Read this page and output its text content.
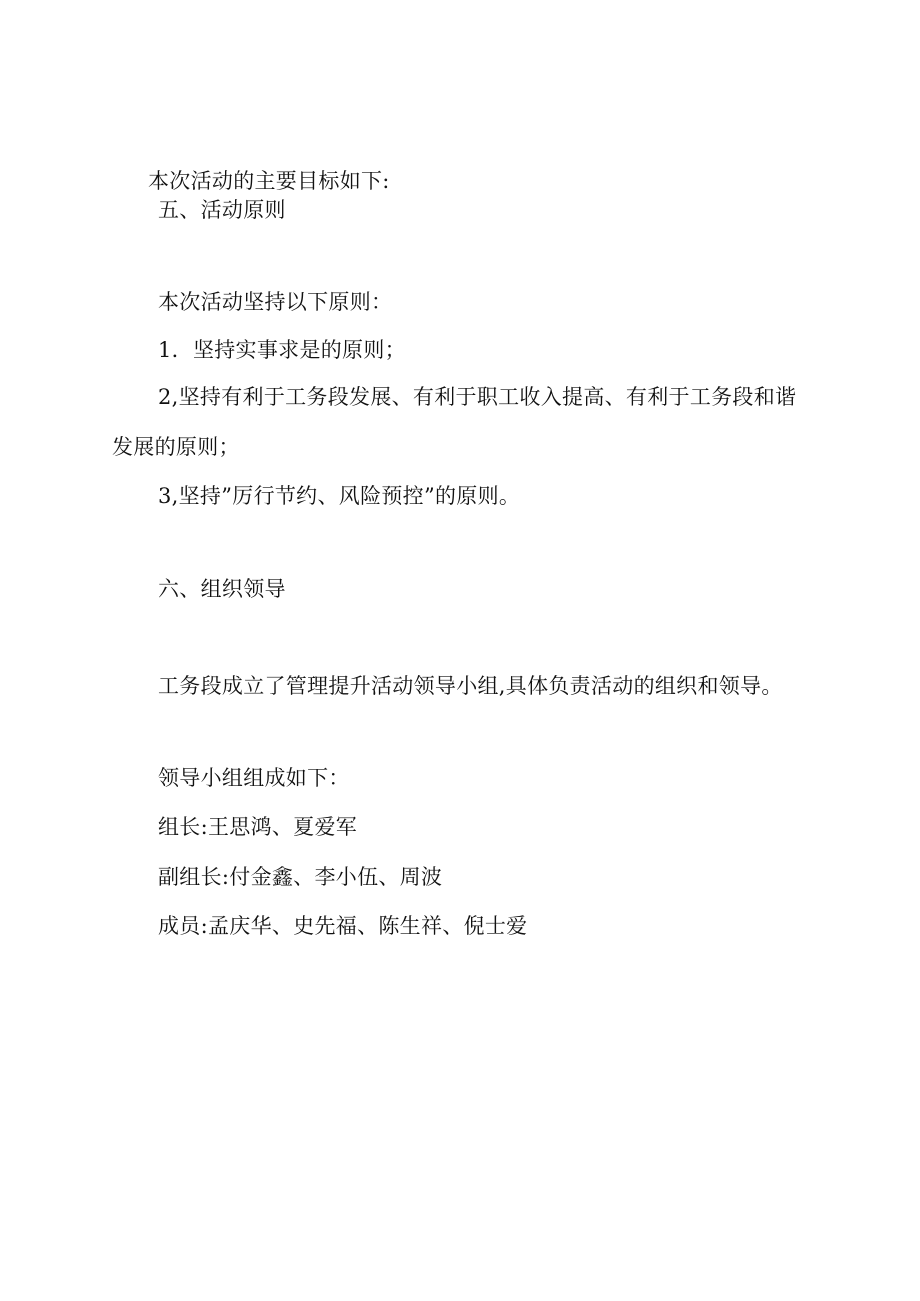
本次活动的主要目标如下:

五、活动原则

本次活动坚持以下原则：

1．坚持实事求是的原则；

2,坚持有利于工务段发展、有利于职工收入提高、有利于工务段和谐

发展的原则；

3,坚持”厉行节约、风险预控”的原则。

六、组织领导

工务段成立了管理提升活动领导小组,具体负责活动的组织和领导。

领导小组组成如下：

组长:王思鸿、夏爱军

副组长:付金鑫、李小伍、周波

成员:孟庆华、史先福、陈生祥、倪士爱
